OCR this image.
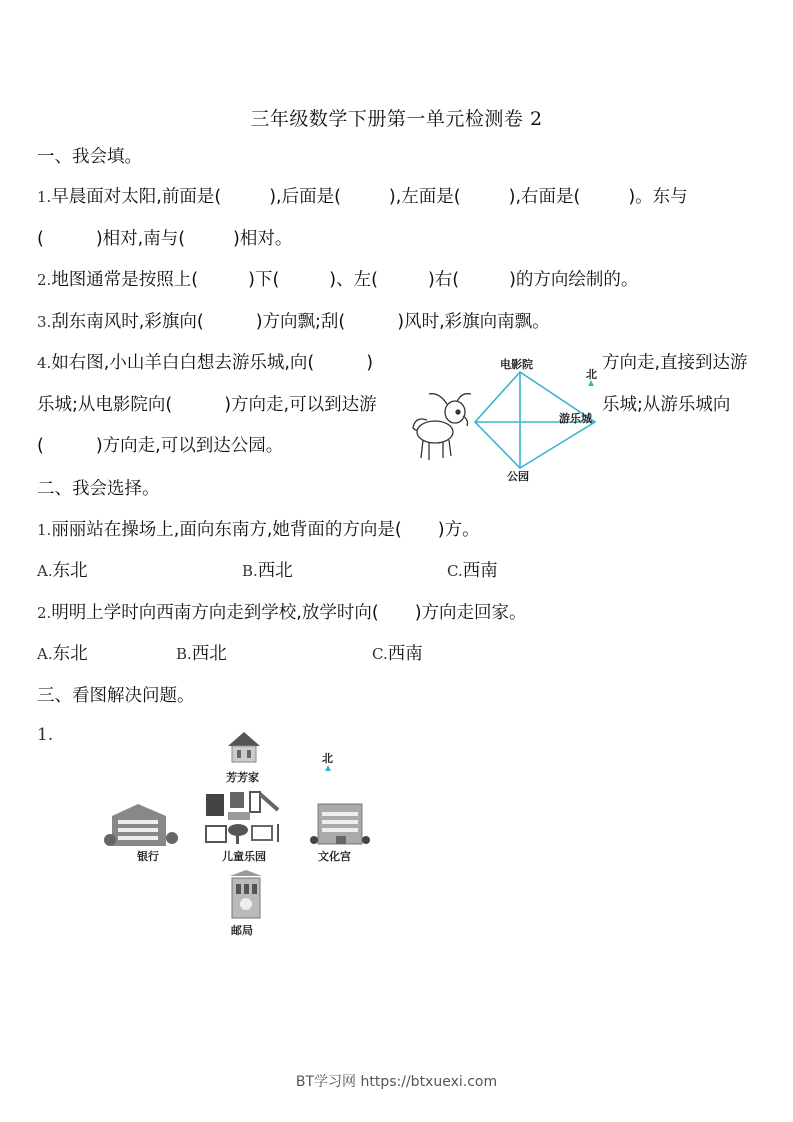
三年级数学下册第一单元检测卷 2
一、我会填。
1.早晨面对太阳,前面是(	),后面是(	),左面是(	),右面是(	)。东与
(	)相对,南与(	)相对。
2.地图通常是按照上(	)下(	)、左(	)右(	)的方向绘制的。
3.刮东南风时,彩旗向(	)方向飘;刮(	)风时,彩旗向南飘。
4.如右图,小山羊白白想去游乐城,向(	)	方向走,直接到达游
乐城;从电影院向(	)方向走,可以到达游	乐城;从游乐城向
(	)方向走,可以到达公园。
电影院
游乐城
公园
北
二、我会选择。
1.丽丽站在操场上,面向东南方,她背面的方向是( )方。
A.东北	B.西北	C.西南
2.明明上学时向西南方向走到学校,放学时向( )方向走回家。
A.东北	B.西北	C.西南
三、看图解决问题。
1.
芳芳家
儿童乐园
银行	文化宫
邮局
北
BT学习网 https://btxuexi.com
